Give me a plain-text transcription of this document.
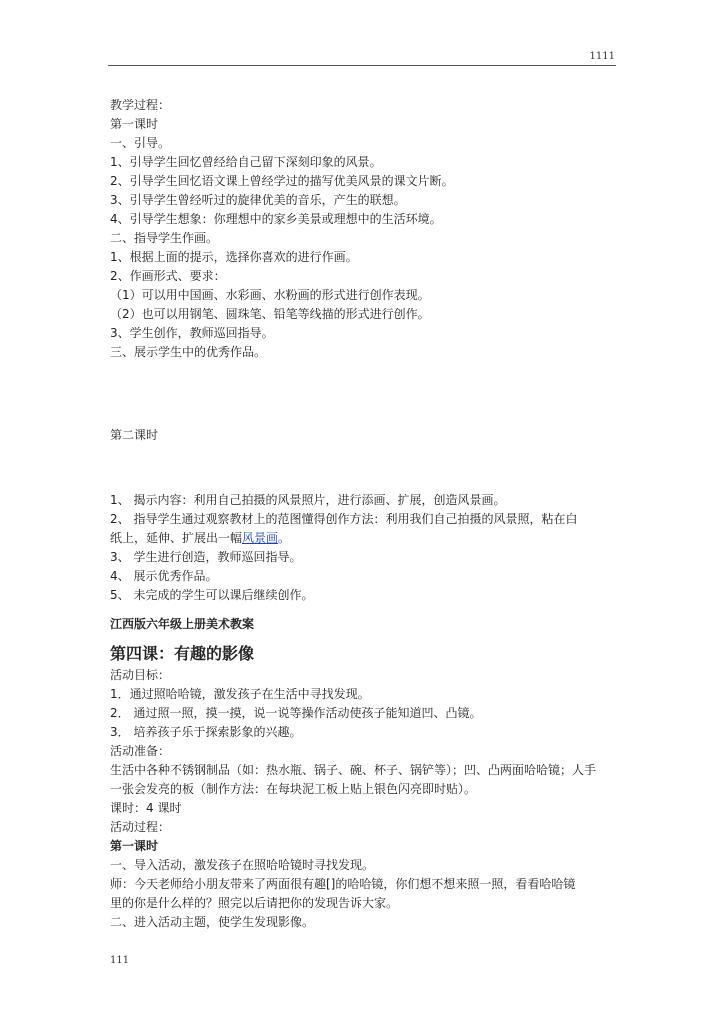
1111
教学过程：
第一课时
一、引导。
1、引导学生回忆曾经给自己留下深刻印象的风景。
2、引导学生回忆语文课上曾经学过的描写优美风景的课文片断。
3、引导学生曾经听过的旋律优美的音乐，产生的联想。
4、引导学生想象：你理想中的家乡美景或理想中的生活环境。
二、指导学生作画。
1、根据上面的提示，选择你喜欢的进行作画。
2、作画形式、要求：
（1）可以用中国画、水彩画、水粉画的形式进行创作表现。
（2）也可以用钢笔、圆珠笔、铅笔等线描的形式进行创作。
3、学生创作，教师巡回指导。
三、展示学生中的优秀作品。
第二课时
1、 揭示内容：利用自己拍摄的风景照片，进行添画、扩展，创造风景画。
2、 指导学生通过观察教材上的范图懂得创作方法：利用我们自己拍摄的风景照，粘在白
纸上，延伸、扩展出一幅风景画。
3、 学生进行创造，教师巡回指导。
4、 展示优秀作品。
5、 未完成的学生可以课后继续创作。
江西版六年级上册美术教案
第四课：有趣的影像
活动目标：
1．通过照哈哈镜，激发孩子在生活中寻找发现。
2． 通过照一照，摸一摸，说一说等操作活动使孩子能知道凹、凸镜。
3． 培养孩子乐于探索影象的兴趣。
活动准备：
生活中各种不锈钢制品（如：热水瓶、锅子、碗、杯子、锅铲等）；凹、凸两面哈哈镜；人手
一张会发亮的板（制作方法：在每块泥工板上贴上银色闪亮即时贴）。
课时：4 课时
活动过程：
第一课时
一、导入活动，激发孩子在照哈哈镜时寻找发现。
师：今天老师给小朋友带来了两面很有趣[]的哈哈镜，你们想不想来照一照，看看哈哈镜
里的你是什么样的？照完以后请把你的发现告诉大家。
二、进入活动主题，使学生发现影像。
111
